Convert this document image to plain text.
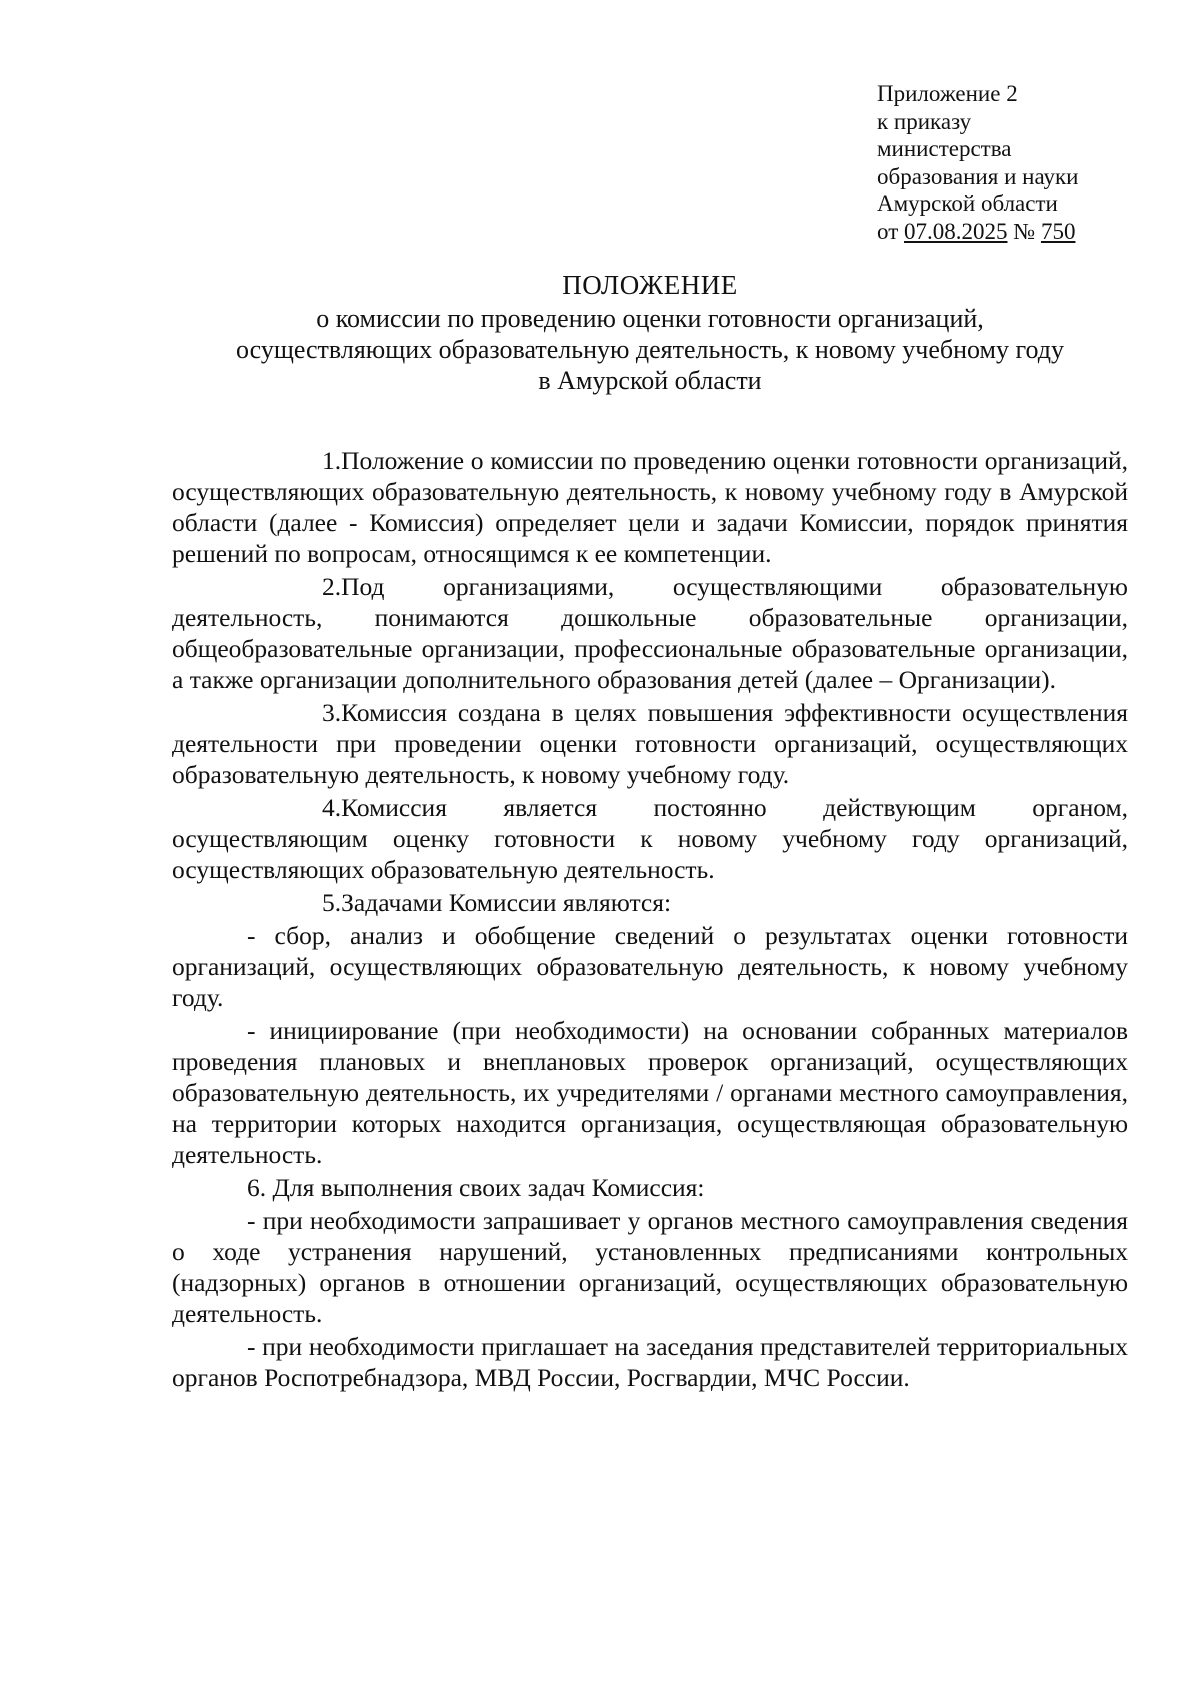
Приложение 2
к приказу
министерства
образования и науки
Амурской области
от 07.08.2025 № 750
ПОЛОЖЕНИЕ
о комиссии по проведению оценки готовности организаций,
осуществляющих образовательную деятельность, к новому учебному году
в Амурской области

1.Положение о комиссии по проведению оценки готовности организаций, осуществляющих образовательную деятельность, к новому учебному году в Амурской области (далее - Комиссия) определяет цели и задачи Комиссии, порядок принятия решений по вопросам, относящимся к ее компетенции.

2.Под организациями, осуществляющими образовательную деятельность, понимаются дошкольные образовательные организации, общеобразовательные организации, профессиональные образовательные организации, а также организации дополнительного образования детей (далее – Организации).

3.Комиссия создана в целях повышения эффективности осуществления деятельности при проведении оценки готовности организаций, осуществляющих образовательную деятельность, к новому учебному году.

4.Комиссия является постоянно действующим органом, осуществляющим оценку готовности к новому учебному году организаций, осуществляющих образовательную деятельность.

5.Задачами Комиссии являются:

- сбор, анализ и обобщение сведений о результатах оценки готовности организаций, осуществляющих образовательную деятельность, к новому учебному году.

- инициирование (при необходимости) на основании собранных материалов проведения плановых и внеплановых проверок организаций, осуществляющих образовательную деятельность, их учредителями / органами местного самоуправления, на территории которых находится организация, осуществляющая образовательную деятельность.

6. Для выполнения своих задач Комиссия:

- при необходимости запрашивает у органов местного самоуправления сведения о ходе устранения нарушений, установленных предписаниями контрольных (надзорных) органов в отношении организаций, осуществляющих образовательную деятельность.

- при необходимости приглашает на заседания представителей территориальных органов Роспотребнадзора, МВД России, Росгвардии, МЧС России.
